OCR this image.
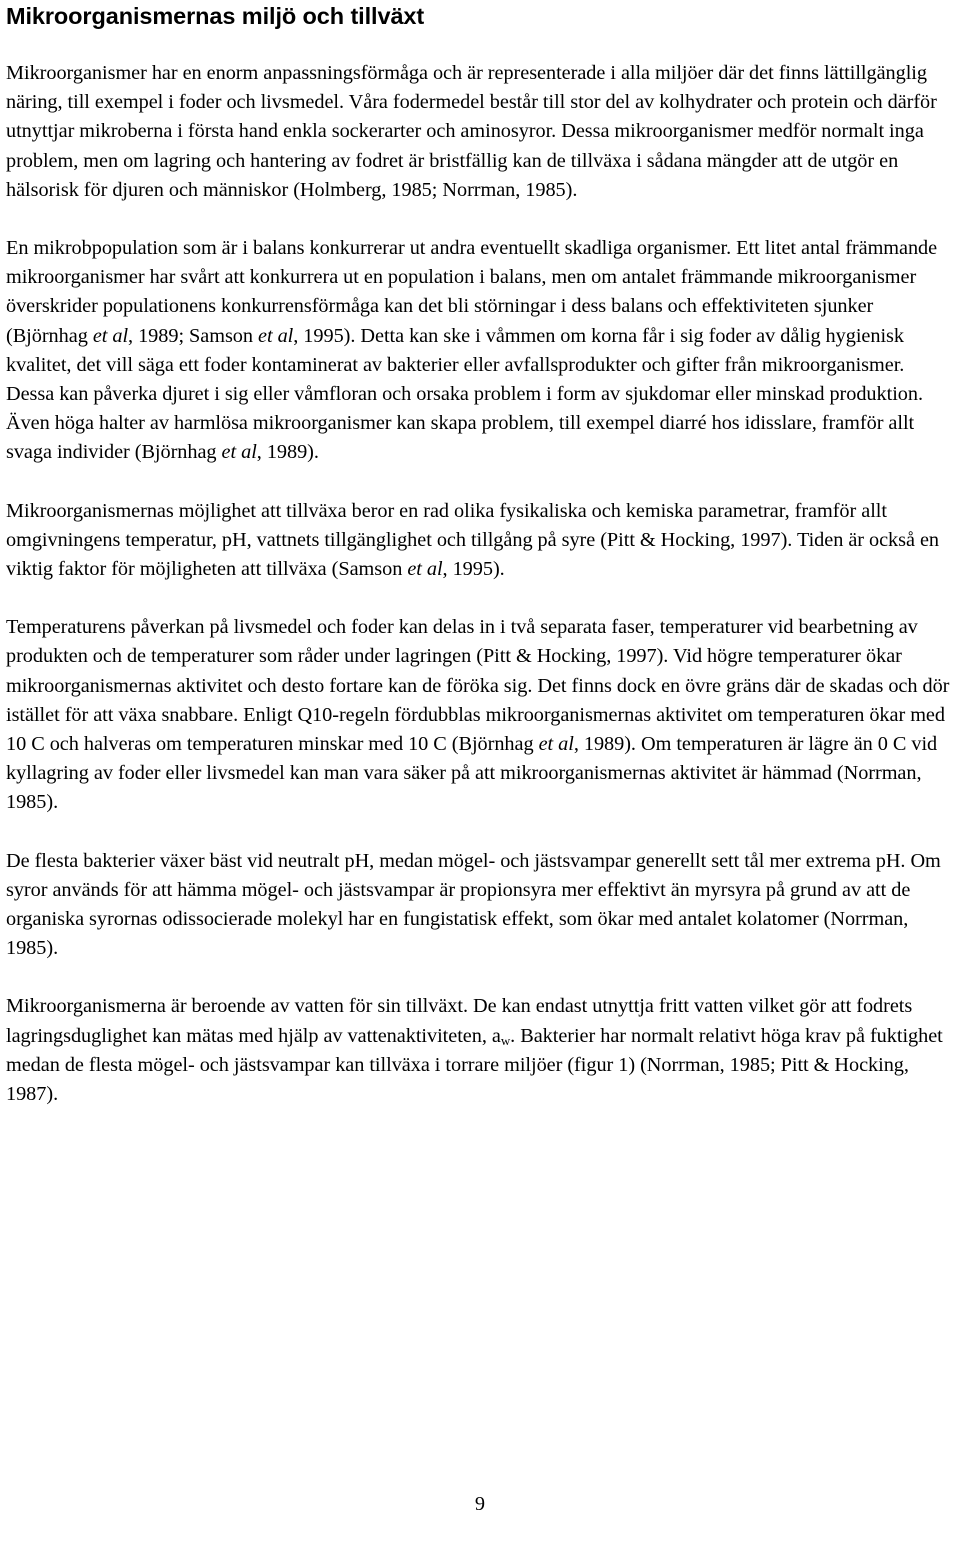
Mikroorganismernas miljö och tillväxt

Mikroorganismer har en enorm anpassningsförmåga och är representerade i alla miljöer där det finns lättillgänglig näring, till exempel i foder och livsmedel. Våra fodermedel består till stor del av kolhydrater och protein och därför utnyttjar mikroberna i första hand enkla sockerarter och aminosyror. Dessa mikroorganismer medför normalt inga problem, men om lagring och hantering av fodret är bristfällig kan de tillväxa i sådana mängder att de utgör en hälsorisk för djuren och människor (Holmberg, 1985; Norrman, 1985).

En mikrobpopulation som är i balans konkurrerar ut andra eventuellt skadliga organismer. Ett litet antal främmande mikroorganismer har svårt att konkurrera ut en population i balans, men om antalet främmande mikroorganismer överskrider populationens konkurrensförmåga kan det bli störningar i dess balans och effektiviteten sjunker (Björnhag et al, 1989; Samson et al, 1995). Detta kan ske i våmmen om korna får i sig foder av dålig hygienisk kvalitet, det vill säga ett foder kontaminerat av bakterier eller avfallsprodukter och gifter från mikroorganismer. Dessa kan påverka djuret i sig eller våmfloran och orsaka problem i form av sjukdomar eller minskad produktion. Även höga halter av harmlösa mikroorganismer kan skapa problem, till exempel diarré hos idisslare, framför allt svaga individer (Björnhag et al, 1989).

Mikroorganismernas möjlighet att tillväxa beror en rad olika fysikaliska och kemiska parametrar, framför allt omgivningens temperatur, pH, vattnets tillgänglighet och tillgång på syre (Pitt & Hocking, 1997). Tiden är också en viktig faktor för möjligheten att tillväxa (Samson et al, 1995).

Temperaturens påverkan på livsmedel och foder kan delas in i två separata faser, temperaturer vid bearbetning av produkten och de temperaturer som råder under lagringen (Pitt & Hocking, 1997). Vid högre temperaturer ökar mikroorganismernas aktivitet och desto fortare kan de föröka sig. Det finns dock en övre gräns där de skadas och dör istället för att växa snabbare. Enligt Q10-regeln fördubblas mikroorganismernas aktivitet om temperaturen ökar med 10 C och halveras om temperaturen minskar med 10 C (Björnhag et al, 1989). Om temperaturen är lägre än 0 C vid kyllagring av foder eller livsmedel kan man vara säker på att mikroorganismernas aktivitet är hämmad (Norrman, 1985).

De flesta bakterier växer bäst vid neutralt pH, medan mögel- och jästsvampar generellt sett tål mer extrema pH. Om syror används för att hämma mögel- och jästsvampar är propionsyra mer effektivt än myrsyra på grund av att de organiska syrornas odissocierade molekyl har en fungistatisk effekt, som ökar med antalet kolatomer (Norrman, 1985).

Mikroorganismerna är beroende av vatten för sin tillväxt. De kan endast utnyttja fritt vatten vilket gör att fodrets lagringsduglighet kan mätas med hjälp av vattenaktiviteten, $a_w$. Bakterier har normalt relativt höga krav på fuktighet medan de flesta mögel- och jästsvampar kan tillväxa i torrare miljöer (figur 1) (Norrman, 1985; Pitt & Hocking, 1987).

9
